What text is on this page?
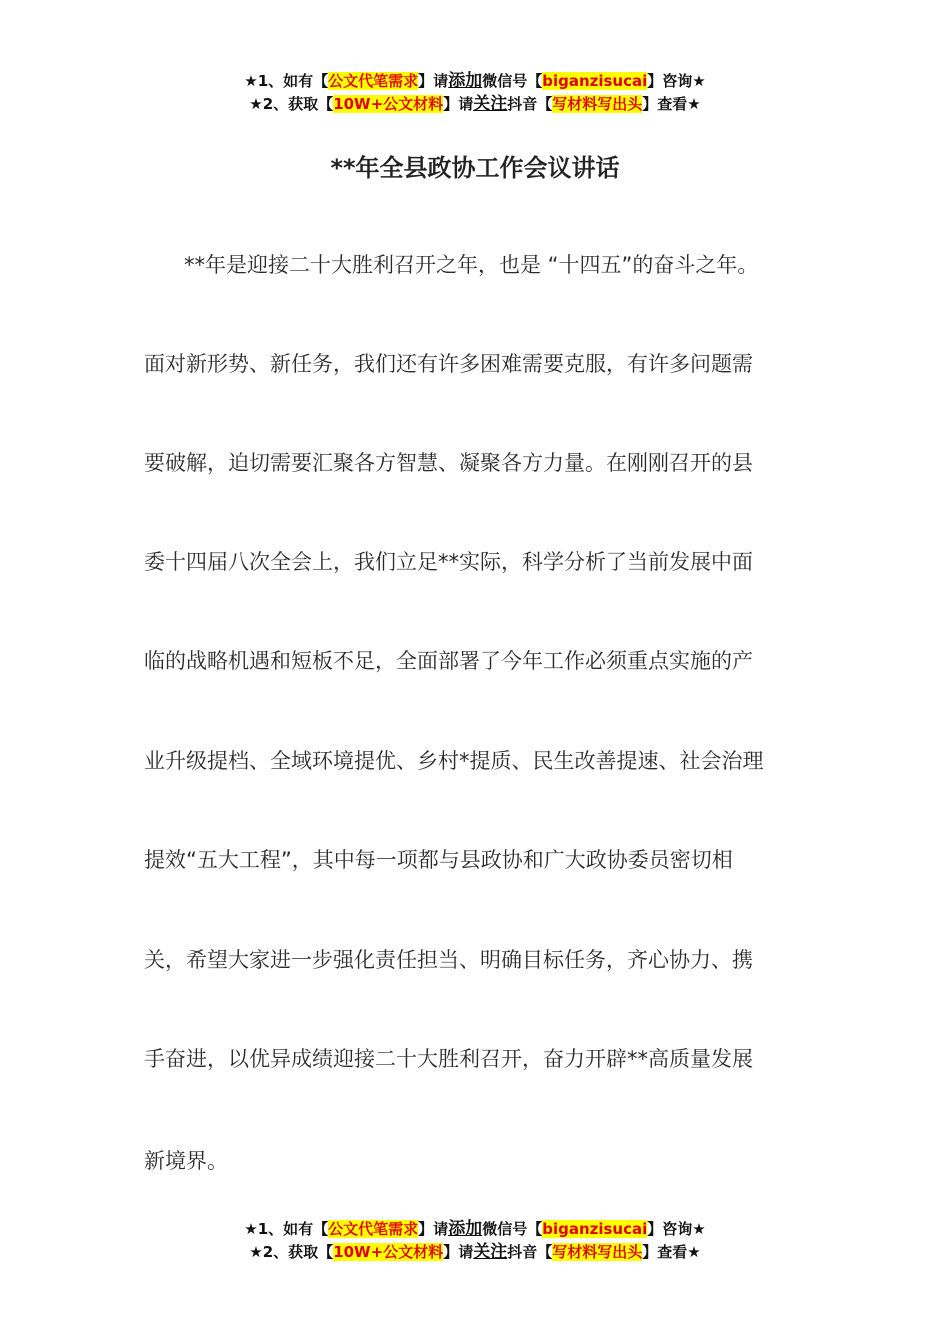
★1、如有【公文代笔需求】请添加微信号【biganzisucai】咨询★
★2、获取【10W+公文材料】请关注抖音【写材料写出头】查看★
**年全县政协工作会议讲话
**年是迎接二十大胜利召开之年，也是 “十四五”的奋斗之年。
面对新形势、新任务，我们还有许多困难需要克服，有许多问题需
要破解，迫切需要汇聚各方智慧、凝聚各方力量。在刚刚召开的县
委十四届八次全会上，我们立足**实际，科学分析了当前发展中面
临的战略机遇和短板不足，全面部署了今年工作必须重点实施的产
业升级提档、全域环境提优、乡村*提质、民生改善提速、社会治理
提效“五大工程”，其中每一项都与县政协和广大政协委员密切相
关，希望大家进一步强化责任担当、明确目标任务，齐心协力、携
手奋进，以优异成绩迎接二十大胜利召开，奋力开辟**高质量发展
新境界。
★1、如有【公文代笔需求】请添加微信号【biganzisucai】咨询★
★2、获取【10W+公文材料】请关注抖音【写材料写出头】查看★
